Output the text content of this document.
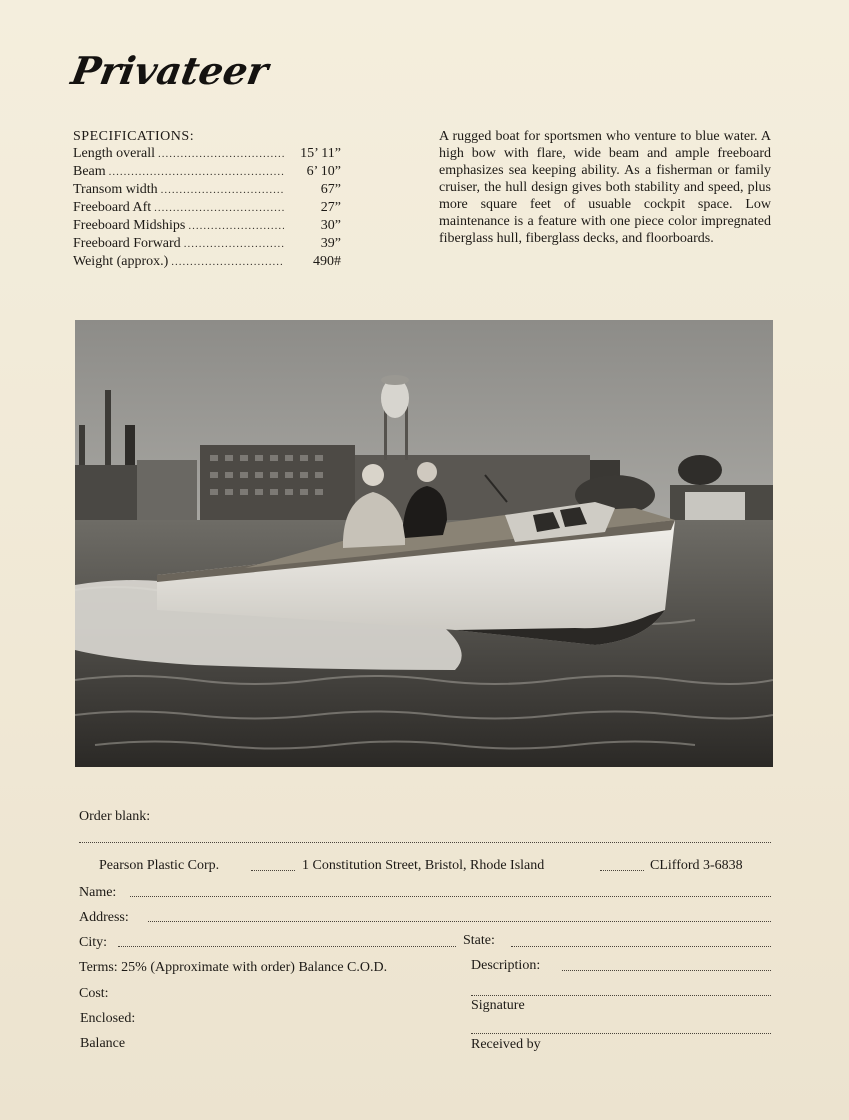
Privateer
SPECIFICATIONS:
Length overall .....	15’ 11”
Beam .....	6’ 10”
Transom width .....	67”
Freeboard Aft .....	27”
Freeboard Midships .....	30”
Freeboard Forward .....	39”
Weight (approx.) .....	490#
A rugged boat for sportsmen who venture to blue water. A high bow with flare, wide beam and ample freeboard emphasizes sea keeping ability. As a fisherman or family cruiser, the hull design gives both stability and speed, plus more square feet of usuable cockpit space. Low maintenance is a feature with one piece color impregnated fiberglass hull, fiberglass decks, and floorboards.
Order blank:
Pearson Plastic Corp.	1 Constitution Street, Bristol, Rhode Island	CLifford 3-6838
Name:
Address:
City:	State:
Terms: 25% (Approximate with order) Balance C.O.D.	Description:
Cost:
Signature
Enclosed:
Balance	Received by
